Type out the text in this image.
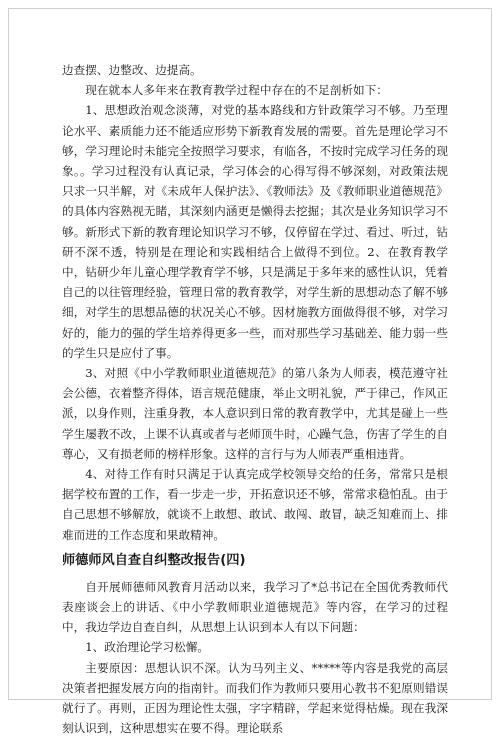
边查摆、边整改、边提高。

现在就本人多年来在教育教学过程中存在的不足剖析如下：

1、思想政治观念淡薄，对党的基本路线和方针政策学习不够。乃至理论水平、素质能力还不能适应形势下新教育发展的需要。首先是理论学习不够，学习理论时未能完全按照学习要求，有临各，不按时完成学习任务的现象。。学习过程没有认真记录，学习体会的心得写得不够深刻，对政策法规只求一只半解，对《未成年人保护法》、《教师法》及《教师职业道德规范》的具体内容熟视无睹，其深刻内涵更是懒得去挖掘；其次是业务知识学习不够。新形式下新的教育理论知识学习不够，仅停留在学过、看过、听过，钻研不深不透，特别是在理论和实践相结合上做得不到位。2、在教育教学中，钻研少年儿童心理学教育学不够，只是满足于多年来的感性认识，凭着自己的以往管理经验，管理日常的教育教学，对学生新的思想动态了解不够细，对学生的思想品德的状况关心不够。因材施教方面做得很不够，对学习好的，能力的强的学生培养得更多一些，而对那些学习基础差、能力弱一些的学生只是应付了事。

3、对照《中小学教师职业道德规范》的第八条为人师表，模范遵守社会公德，衣着整齐得体，语言规范健康，举止文明礼貌，严于律己，作风正派，以身作则，注重身教，本人意识到日常的教育教学中，尤其是碰上一些学生屡教不改，上课不认真或者与老师顶牛时，心躁气急，伤害了学生的自尊心，又有损老师的榜样形象。这样的言行与为人师表严重相违背。

4、对待工作有时只满足于认真完成学校领导交给的任务，常常只是根据学校布置的工作，看一步走一步，开拓意识还不够，常常求稳怕乱。由于自己思想不够解放，就谈不上敢想、敢试、敢闯、敢冒，缺乏知难而上、排难而进的工作态度和果敢精神。

师德师风自查自纠整改报告(四)

自开展师德师风教育月活动以来，我学习了*总书记在全国优秀教师代表座谈会上的讲话、《中小学教师职业道德规范》等内容，在学习的过程中，我边学边自查自纠，从思想上认识到本人有以下问题：

1、政治理论学习松懈。

主要原因：思想认识不深。认为马列主义、*****等内容是我党的高层决策者把握发展方向的指南针。而我们作为教师只要用心教书不犯原则错误就行了。再则，正因为理论性太强，字字精辟，学起来觉得枯燥。现在我深刻认识到，这种思想实在要不得。理论联系
